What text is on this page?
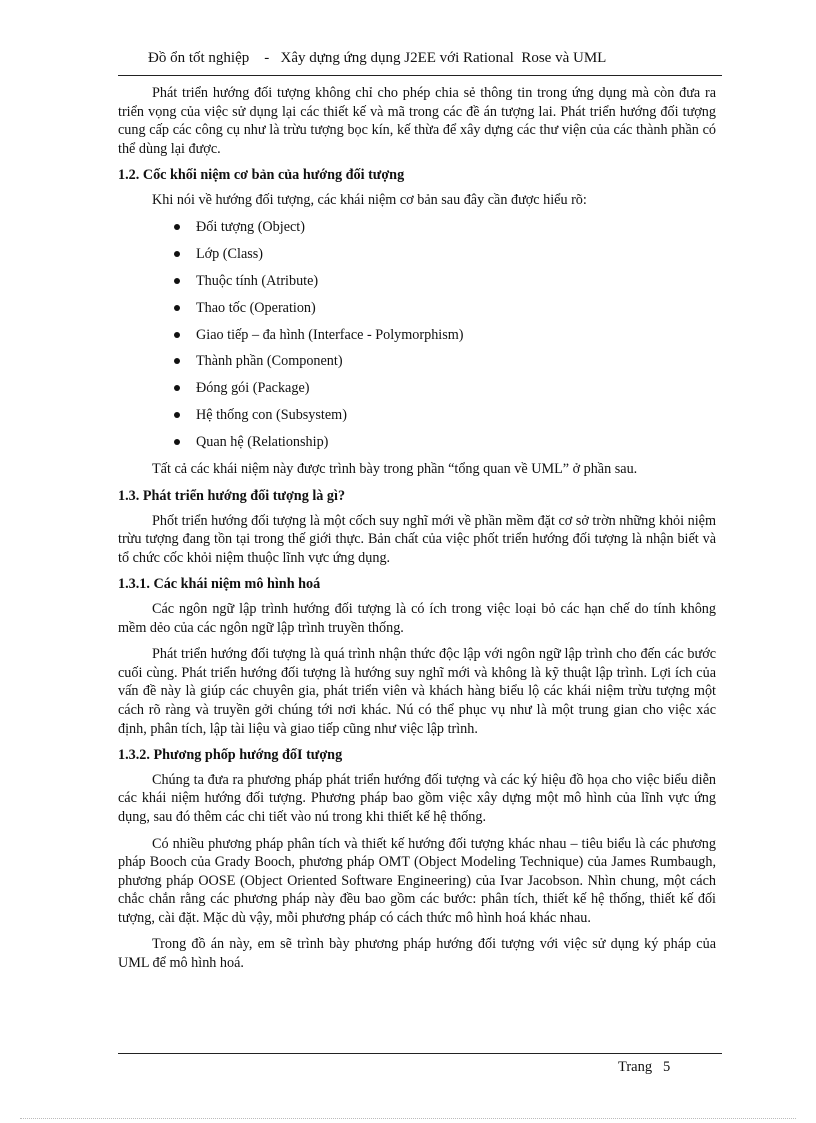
Đồ ổn tốt nghiệp    -   Xây dựng ứng dụng J2EE với Rational  Rose và UML

Phát triển hướng đối tượng không chỉ cho phép chia sẻ thông tin trong ứng dụng mà còn đưa ra triển vọng của việc sử dụng lại các thiết kế và mã trong các đề án tượng lai. Phát triển hướng đối tượng cung cấp các công cụ như là trừu tượng bọc kín, kế thừa để xây dựng các thư viện của các thành phần có thể dùng lại được.

1.2. Cốc khối niệm cơ bản của hướng đối tượng

Khi nói về hướng đối tượng, các khái niệm cơ bản sau đây cần được hiểu rõ:

Đối tượng (Object)
Lớp (Class)
Thuộc tính (Atribute)
Thao tốc (Operation)
Giao tiếp – đa hình (Interface - Polymorphism)
Thành phần (Component)
Đóng gói (Package)
Hệ thống con (Subsystem)
Quan hệ (Relationship)

Tất cả các khái niệm này được trình bày trong phần “tổng quan về UML” ở phần sau.

1.3. Phát triển hướng đối tượng là gì?

Phốt triển hướng đối tượng là một cốch suy nghĩ mới về phần mềm đặt cơ sở trờn những khỏi niệm trừu tượng đang tồn tại trong thế giới thực. Bản chất của việc phốt triển hướng đối tượng là nhận biết và tổ chức cốc khỏi niệm thuộc lĩnh vực ứng dụng.

1.3.1. Các khái niệm mô hình hoá

Các ngôn ngữ lập trình hướng đối tượng là có ích trong việc loại bỏ các hạn chế do tính không mềm dẻo của các ngôn ngữ lập trình truyền thống.

Phát triển hướng đối tượng là quá trình nhận thức độc lập với ngôn ngữ lập trình cho đến các bước cuối cùng. Phát triển hướng đối tượng là hướng suy nghĩ mới và không là kỹ thuật lập trình. Lợi ích của vấn đề này là giúp các chuyên gia, phát triển viên và khách hàng biểu lộ các khái niệm trừu tượng một cách rõ ràng và truyền gởi chúng tới nơi khác. Nú có thể phục vụ như là một trung gian cho việc xác định, phân tích, lập tài liệu và giao tiếp cũng như việc lập trình.

1.3.2. Phương phốp hướng đốI tượng

Chúng ta đưa ra phương pháp phát triển hướng đối tượng và các ký hiệu đồ họa cho việc biểu diễn các khái niệm hướng đối tượng. Phương pháp bao gồm việc xây dựng một mô hình của lĩnh vực ứng dụng, sau đó thêm các chi tiết vào nú trong khi thiết kế hệ thống.

Có nhiều phương pháp phân tích và thiết kế hướng đối tượng khác nhau – tiêu biểu là các phương pháp Booch của Grady Booch, phương pháp OMT (Object Modeling Technique) của James Rumbaugh, phương pháp OOSE (Object Oriented Software Engineering) của Ivar Jacobson. Nhìn chung, một cách chắc chắn rằng các phương pháp này đều bao gồm các bước: phân tích, thiết kế hệ thống, thiết kế đối tượng, cài đặt. Mặc dù vậy, mỗi phương pháp có cách thức mô hình hoá khác nhau.

Trong đồ án này, em sẽ trình bày phương pháp hướng đối tượng với việc sử dụng ký pháp của UML để mô hình hoá.

Trang 5
